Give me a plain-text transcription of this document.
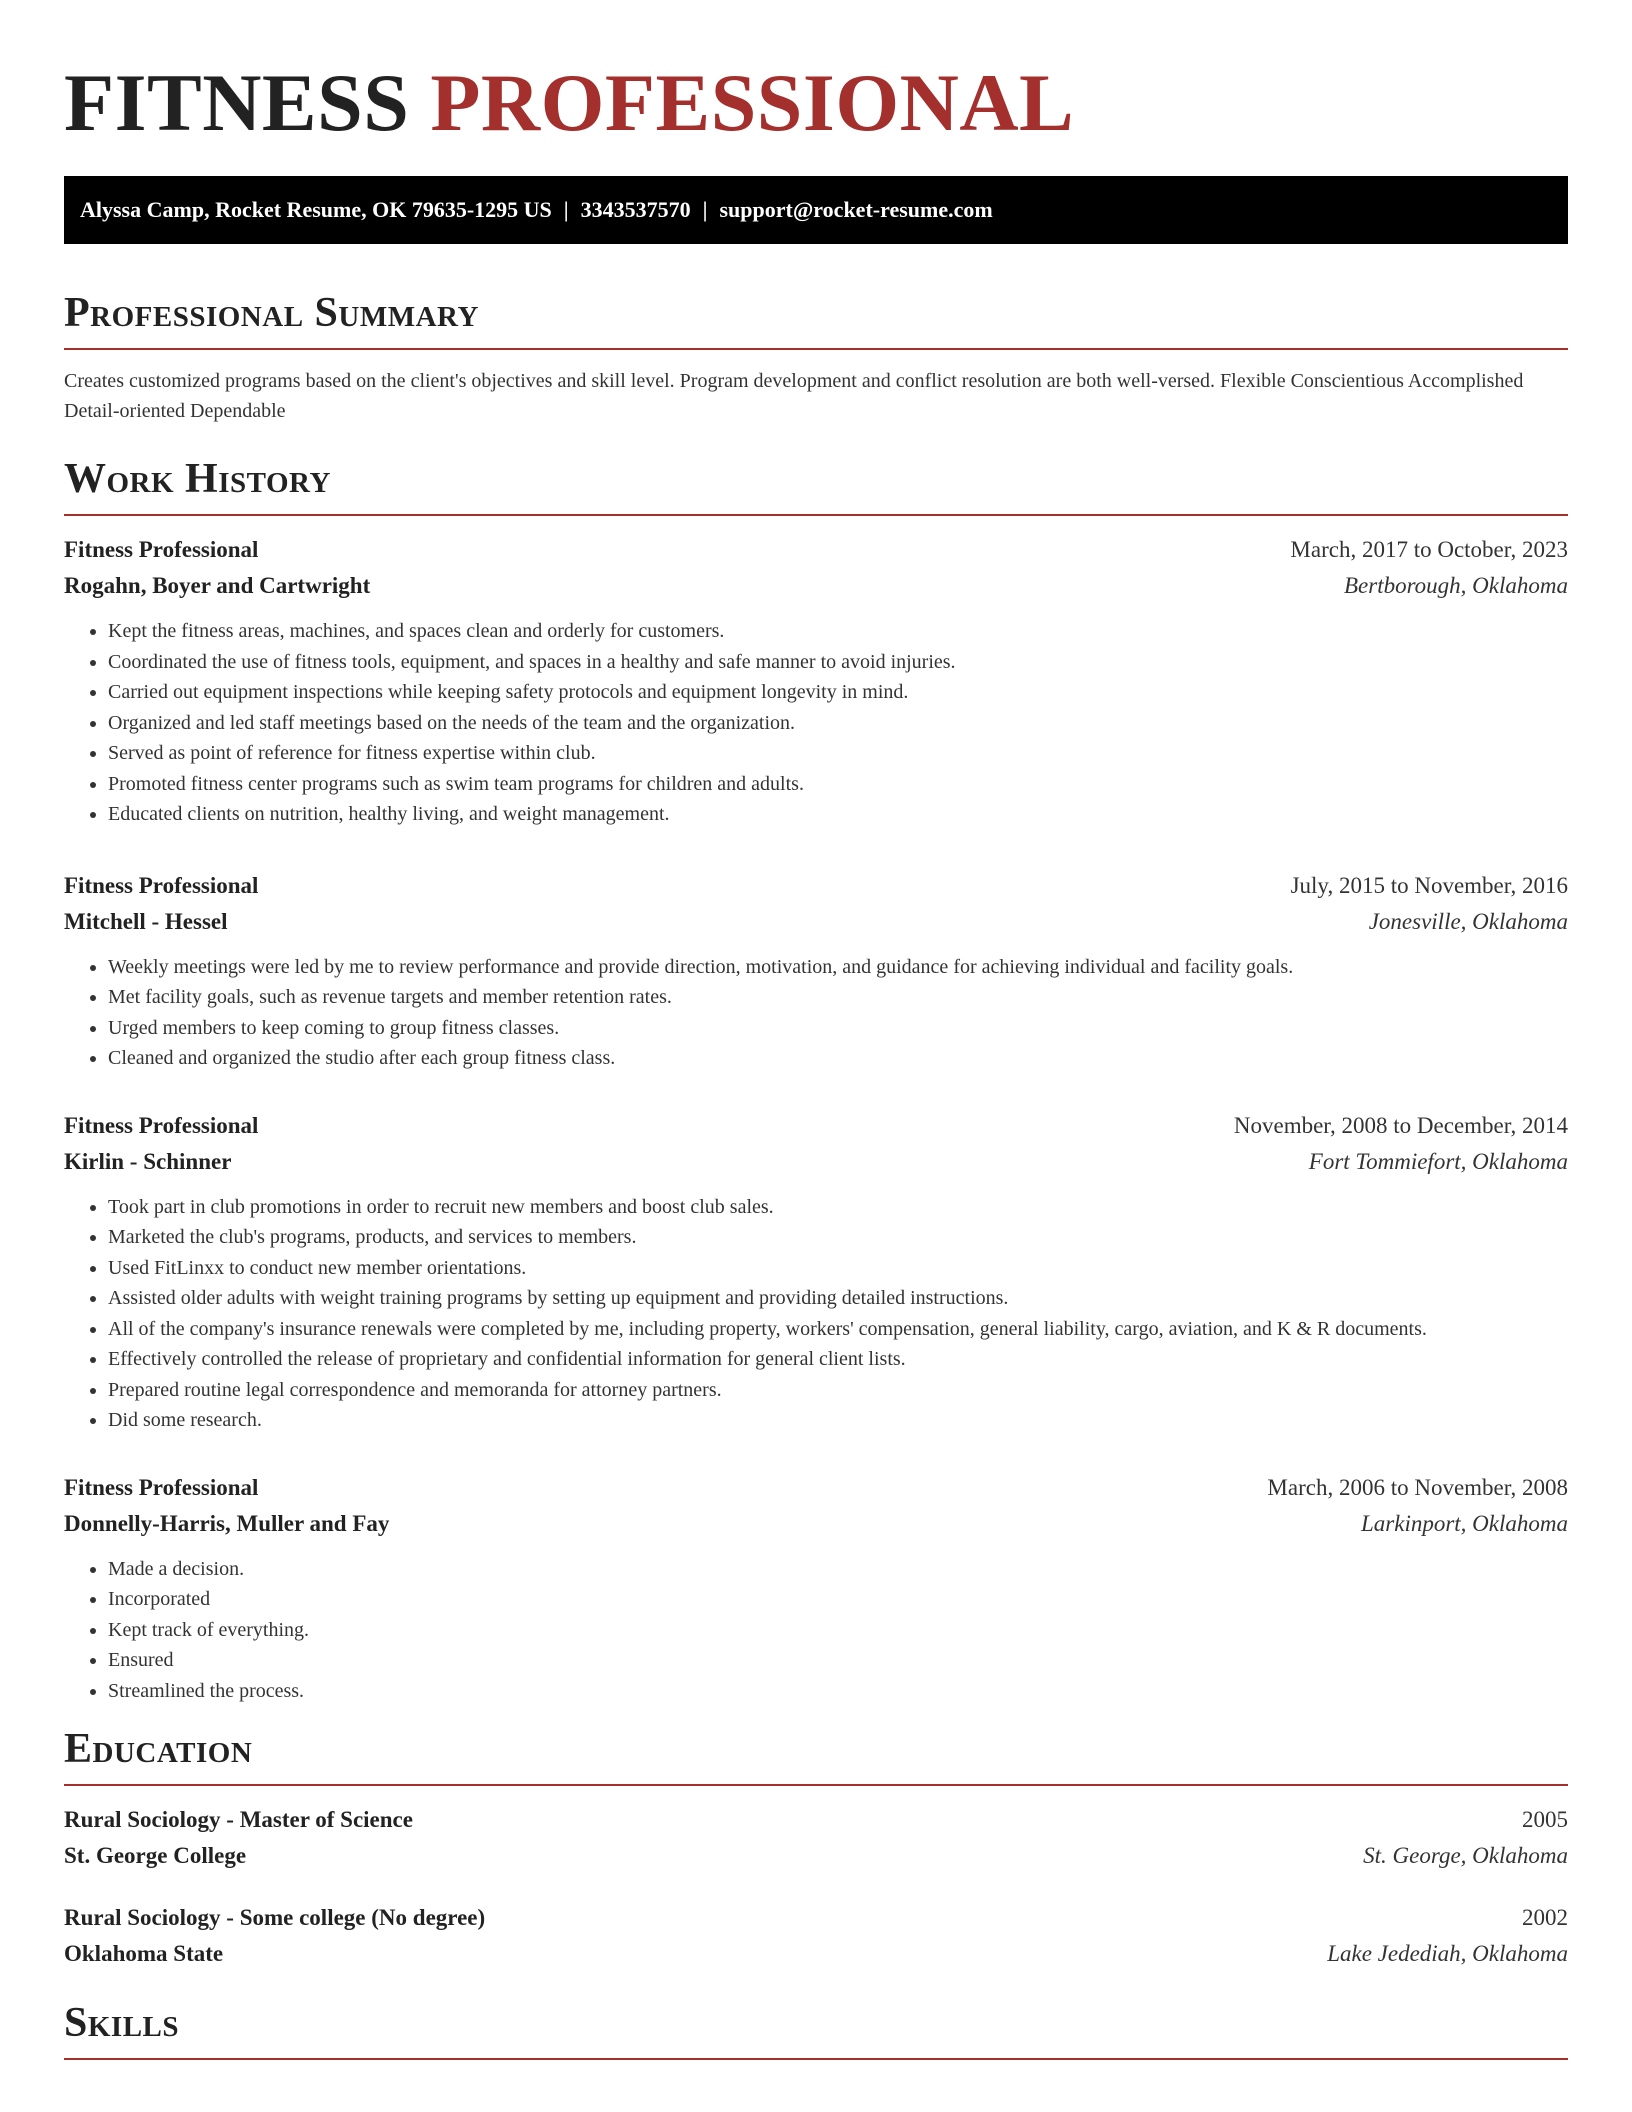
FITNESS PROFESSIONAL
Alyssa Camp, Rocket Resume, OK 79635-1295 US | 3343537570 | support@rocket-resume.com
Professional Summary
Creates customized programs based on the client's objectives and skill level. Program development and conflict resolution are both well-versed. Flexible Conscientious Accomplished Detail-oriented Dependable
Work History
Fitness Professional	March, 2017 to October, 2023
Rogahn, Boyer and Cartwright	Bertborough, Oklahoma
• Kept the fitness areas, machines, and spaces clean and orderly for customers.
• Coordinated the use of fitness tools, equipment, and spaces in a healthy and safe manner to avoid injuries.
• Carried out equipment inspections while keeping safety protocols and equipment longevity in mind.
• Organized and led staff meetings based on the needs of the team and the organization.
• Served as point of reference for fitness expertise within club.
• Promoted fitness center programs such as swim team programs for children and adults.
• Educated clients on nutrition, healthy living, and weight management.
Fitness Professional	July, 2015 to November, 2016
Mitchell - Hessel	Jonesville, Oklahoma
• Weekly meetings were led by me to review performance and provide direction, motivation, and guidance for achieving individual and facility goals.
• Met facility goals, such as revenue targets and member retention rates.
• Urged members to keep coming to group fitness classes.
• Cleaned and organized the studio after each group fitness class.
Fitness Professional	November, 2008 to December, 2014
Kirlin - Schinner	Fort Tommiefort, Oklahoma
• Took part in club promotions in order to recruit new members and boost club sales.
• Marketed the club's programs, products, and services to members.
• Used FitLinxx to conduct new member orientations.
• Assisted older adults with weight training programs by setting up equipment and providing detailed instructions.
• All of the company's insurance renewals were completed by me, including property, workers' compensation, general liability, cargo, aviation, and K & R documents.
• Effectively controlled the release of proprietary and confidential information for general client lists.
• Prepared routine legal correspondence and memoranda for attorney partners.
• Did some research.
Fitness Professional	March, 2006 to November, 2008
Donnelly-Harris, Muller and Fay	Larkinport, Oklahoma
• Made a decision.
• Incorporated
• Kept track of everything.
• Ensured
• Streamlined the process.
Education
Rural Sociology - Master of Science	2005
St. George College	St. George, Oklahoma
Rural Sociology - Some college (No degree)	2002
Oklahoma State	Lake Jedediah, Oklahoma
Skills
